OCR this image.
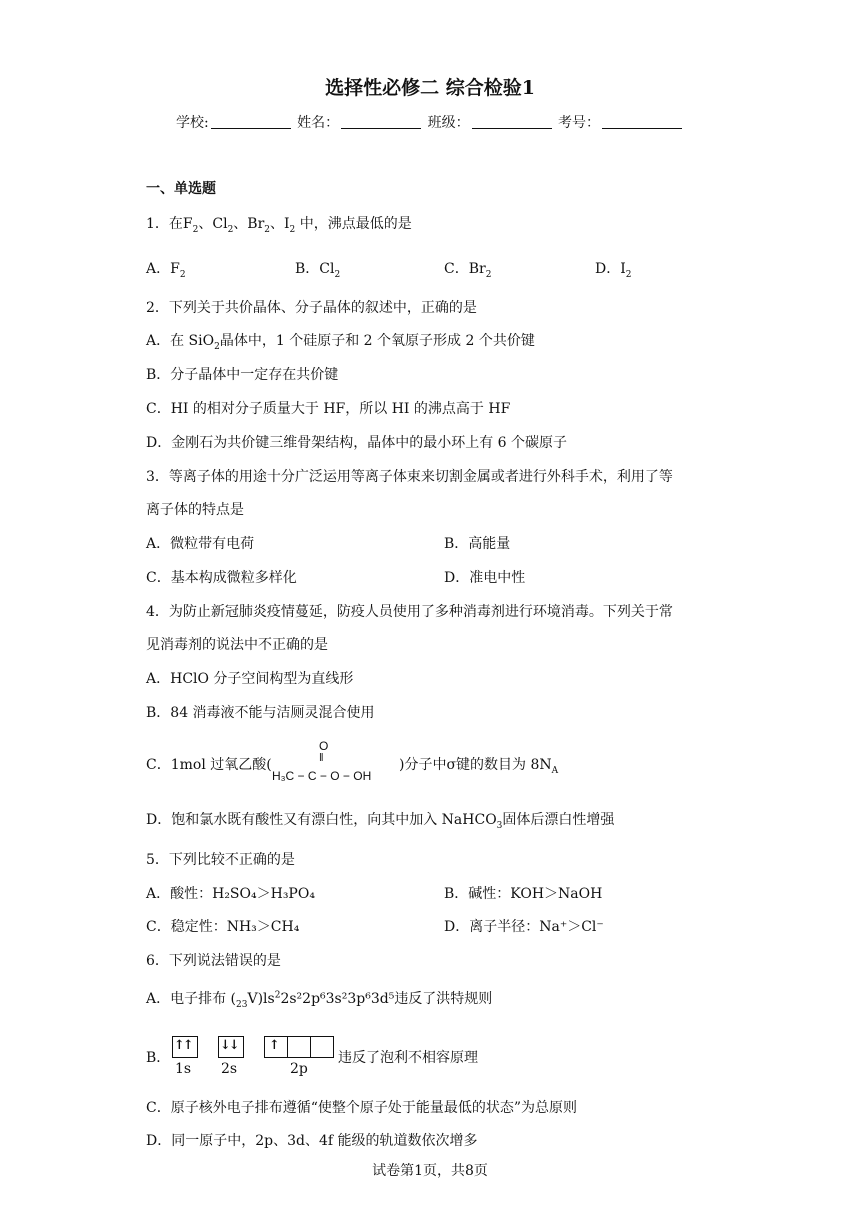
选择性必修二 综合检验1
学校:	姓名：	班级：	考号：
一、单选题
1．在$F_2$、$Cl_2$、$Br_2$、$I_2$ 中，沸点最低的是
A．$F_2$	B．$Cl_2$	C．$Br_2$	D．$I_2$
2．下列关于共价晶体、分子晶体的叙述中，正确的是
A．在 SiO$_2$晶体中，1 个硅原子和 2 个氧原子形成 2 个共价键
B．分子晶体中一定存在共价键
C．HI 的相对分子质量大于 HF，所以 HI 的沸点高于 HF
D．金刚石为共价键三维骨架结构，晶体中的最小环上有 6 个碳原子
3．等离子体的用途十分广泛运用等离子体束来切割金属或者进行外科手术，利用了等
离子体的特点是
A．微粒带有电荷	B．高能量
C．基本构成微粒多样化	D．准电中性
4．为防止新冠肺炎疫情蔓延，防疫人员使用了多种消毒剂进行环境消毒。下列关于常
见消毒剂的说法中不正确的是
A．HClO 分子空间构型为直线形
B．84 消毒液不能与洁厕灵混合使用
C．1mol 过氧乙酸(
O
‖
H₃C − C − O − OH
)分子中σ键的数目为 $8N_A$
D．饱和氯水既有酸性又有漂白性，向其中加入 NaHCO$_3$固体后漂白性增强
5．下列比较不正确的是
A．酸性：H₂SO₄＞H₃PO₄	B．碱性：KOH＞NaOH
C．稳定性：NH₃＞CH₄	D．离子半径：Na⁺＞Cl⁻
6．下列说法错误的是
A．电子排布 $(_{23}V)ls^22s^22p^63s^23p^63d^5$违反了洪特规则
B．
↑↑
1s
↓↓
2s
↑
2p
违反了泡利不相容原理
C．原子核外电子排布遵循“使整个原子处于能量最低的状态”为总原则
D．同一原子中，2p、3d、4f 能级的轨道数依次增多
试卷第1页，共8页
